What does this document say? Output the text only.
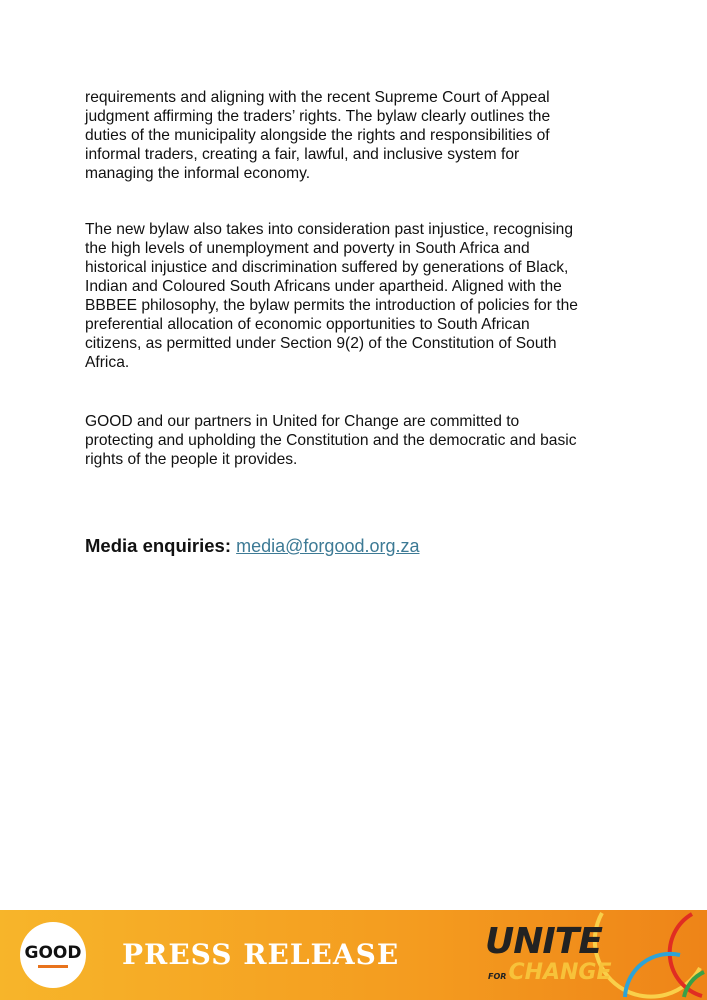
requirements and aligning with the recent Supreme Court of Appeal
judgment affirming the traders’ rights. The bylaw clearly outlines the
duties of the municipality alongside the rights and responsibilities of
informal traders, creating a fair, lawful, and inclusive system for
managing the informal economy.
The new bylaw also takes into consideration past injustice, recognising
the high levels of unemployment and poverty in South Africa and
historical injustice and discrimination suffered by generations of Black,
Indian and Coloured South Africans under apartheid. Aligned with the
BBBEE philosophy, the bylaw permits the introduction of policies for the
preferential allocation of economic opportunities to South African
citizens, as permitted under Section 9(2) of the Constitution of South
Africa.
GOOD and our partners in United for Change are committed to
protecting and upholding the Constitution and the democratic and basic
rights of the people it provides.
Media enquiries: media@forgood.org.za
GOOD PRESS RELEASE UNITE
FORCHANGE
